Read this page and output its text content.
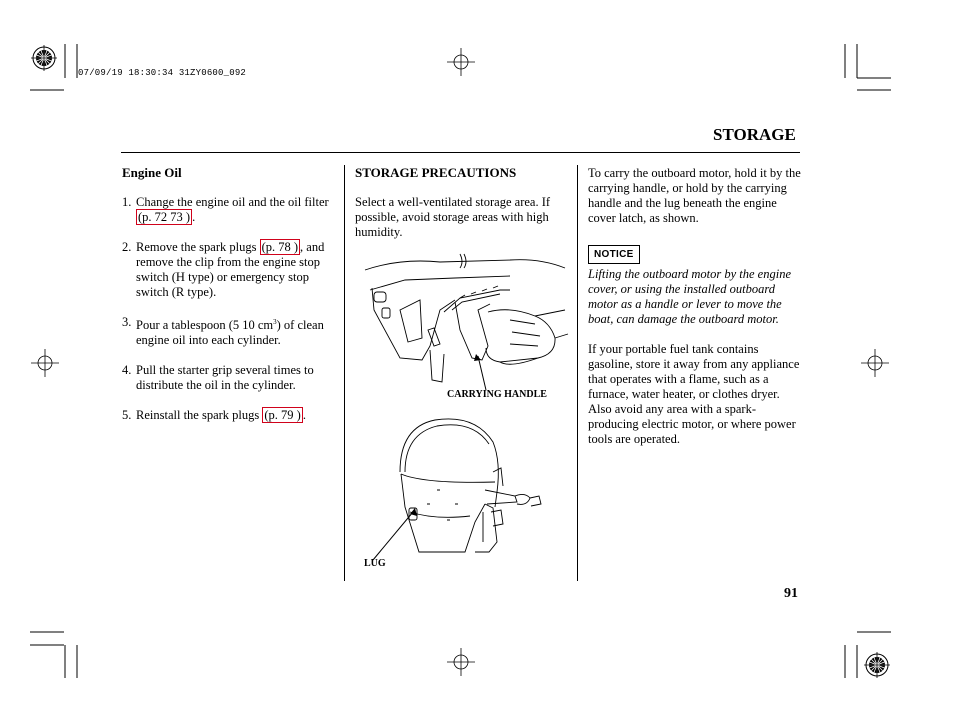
07/09/19 18:30:34 31ZY0600_092
STORAGE
Engine Oil
1. Change the engine oil and the oil filter (p. 72 73 ) .
2. Remove the spark plugs (p. 78 ) , and remove the clip from the engine stop switch (H type) or emergency stop switch (R type).
3. Pour a tablespoon (5 10 $cm^3$) of clean engine oil into each cylinder.
4. Pull the starter grip several times to distribute the oil in the cylinder.
5. Reinstall the spark plugs (p. 79 ) .
STORAGE PRECAUTIONS
Select a well-ventilated storage area. If possible, avoid storage areas with high humidity.
CARRYING HANDLE
LUG

To carry the outboard motor, hold it by the carrying handle, or hold by the carrying handle and the lug beneath the engine cover latch, as shown.

NOTICE

Lifting the outboard motor by the engine cover, or using the installed outboard motor as a handle or lever to move the boat, can damage the outboard motor.

If your portable fuel tank contains gasoline, store it away from any appliance that operates with a flame, such as a furnace, water heater, or clothes dryer. Also avoid any area with a spark-producing electric motor, or where power tools are operated.

91
